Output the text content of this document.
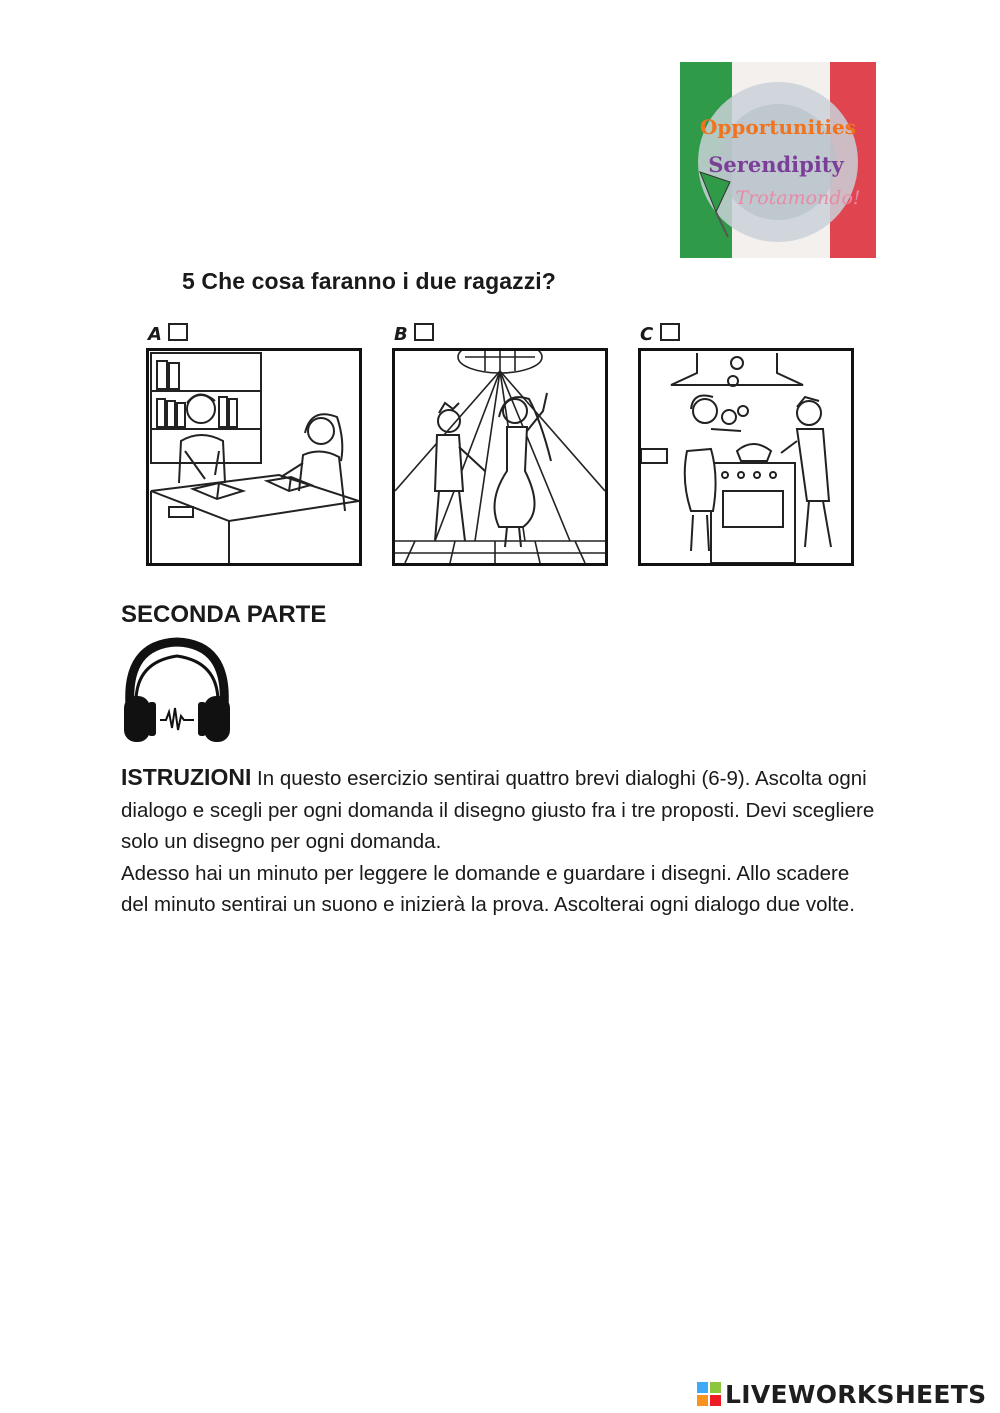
Opportunities
Serendipity
Trotamondo!
5 Che cosa faranno i due ragazzi?
A	B	C
SECONDA PARTE
ISTRUZIONI In questo esercizio sentirai quattro brevi dialoghi (6-9). Ascolta ogni dialogo e scegli per ogni domanda il disegno giusto fra i tre proposti. Devi scegliere solo un disegno per ogni domanda.
Adesso hai un minuto per leggere le domande e guardare i disegni. Allo scadere del minuto sentirai un suono e inizierà la prova. Ascolterai ogni dialogo due volte.
LIVEWORKSHEETS
